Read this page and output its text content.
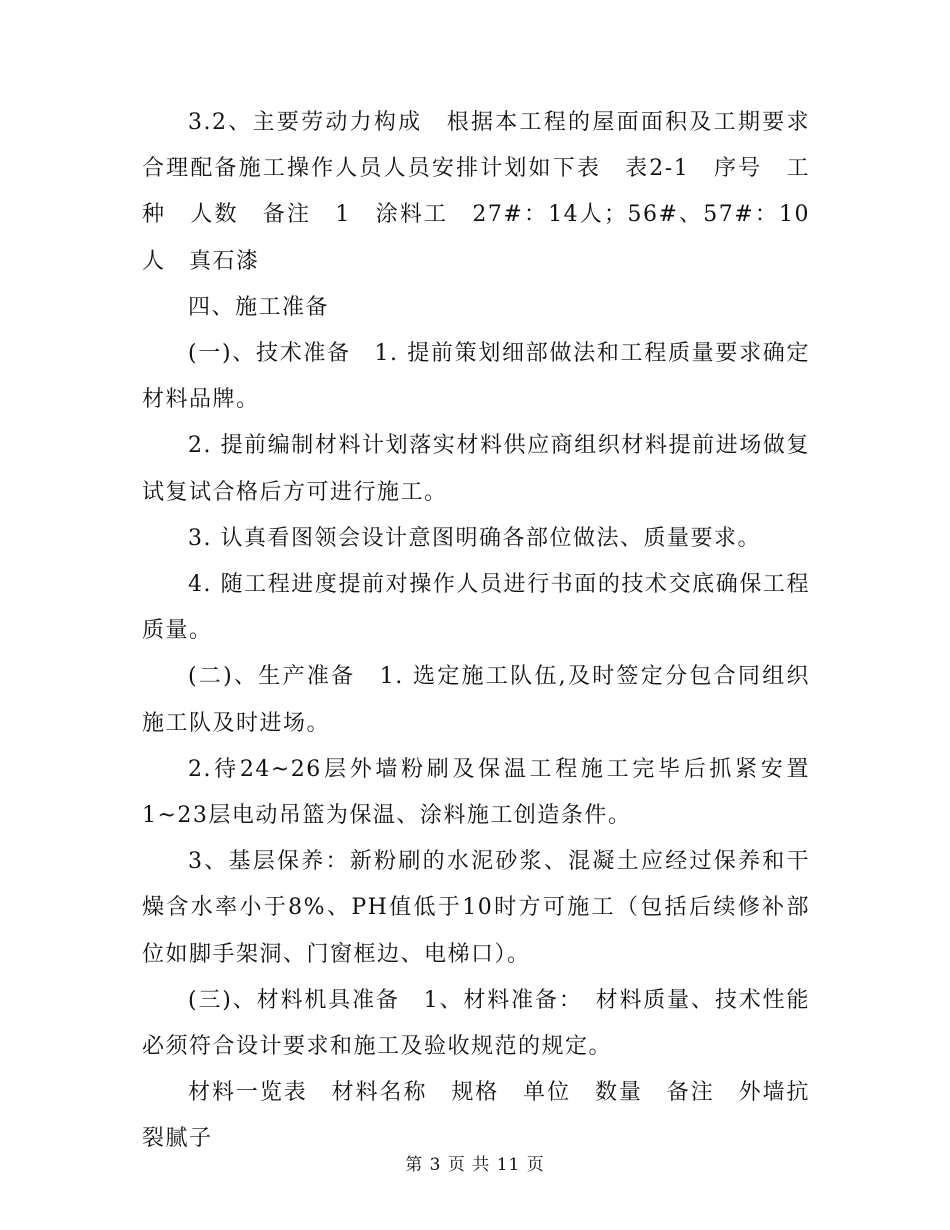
3.2、主要劳动力构成　根据本工程的屋面面积及工期要求合理配备施工操作人员人员安排计划如下表　表2-1　序号　工种　人数　备注　1　涂料工　27#：14人；56#、57#：10人　真石漆

四、施工准备

(一)、技术准备　1. 提前策划细部做法和工程质量要求确定材料品牌。

2. 提前编制材料计划落实材料供应商组织材料提前进场做复试复试合格后方可进行施工。

3. 认真看图领会设计意图明确各部位做法、质量要求。

4. 随工程进度提前对操作人员进行书面的技术交底确保工程质量。

(二)、生产准备　1. 选定施工队伍,及时签定分包合同组织施工队及时进场。

2.待24~26层外墙粉刷及保温工程施工完毕后抓紧安置1~23层电动吊篮为保温、涂料施工创造条件。

3、基层保养：新粉刷的水泥砂浆、混凝土应经过保养和干燥含水率小于8%、PH值低于10时方可施工（包括后续修补部位如脚手架洞、门窗框边、电梯口）。

(三)、材料机具准备　1、材料准备：　材料质量、技术性能必须符合设计要求和施工及验收规范的规定。

材料一览表　材料名称　规格　单位　数量　备注　外墙抗裂腻子

第 3 页 共 11 页
